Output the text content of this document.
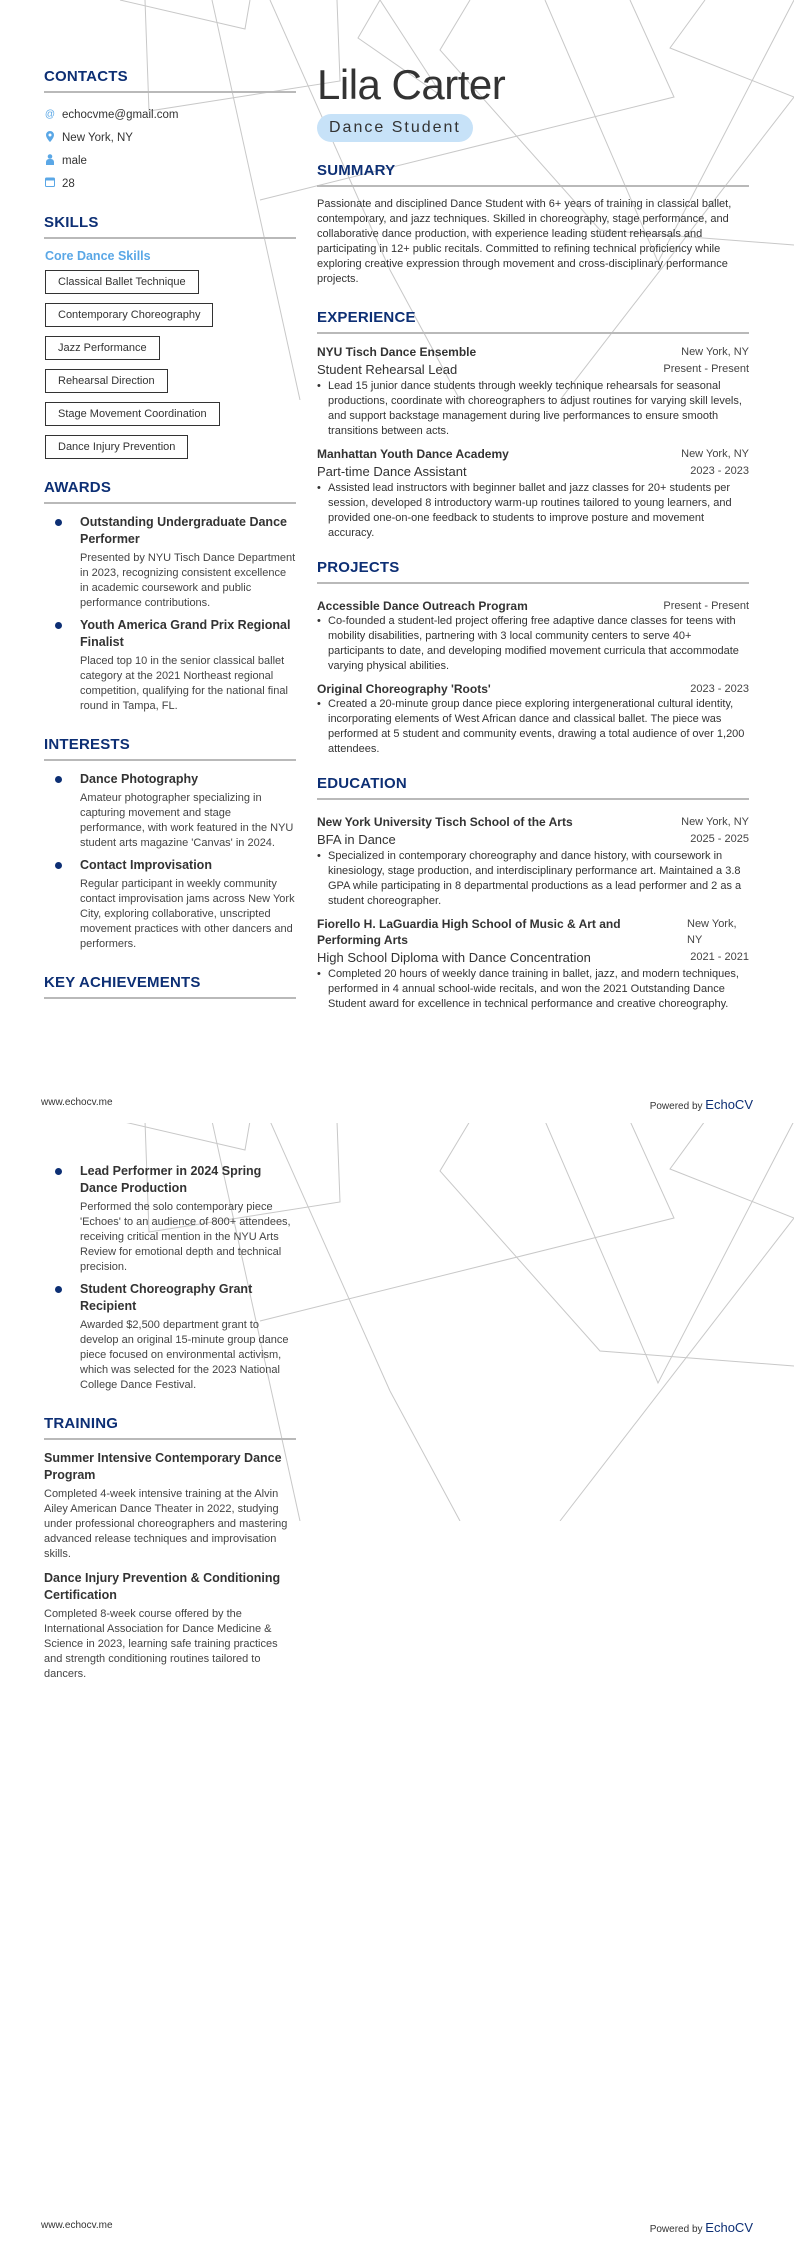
CONTACTS
@ echocvme@gmail.com
New York, NY
male
28
SKILLS
Core Dance Skills
Classical Ballet Technique
Contemporary Choreography
Jazz Performance
Rehearsal Direction
Stage Movement Coordination
Dance Injury Prevention
AWARDS
Outstanding Undergraduate Dance Performer
Presented by NYU Tisch Dance Department in 2023, recognizing consistent excellence in academic coursework and public performance contributions.
Youth America Grand Prix Regional Finalist
Placed top 10 in the senior classical ballet category at the 2021 Northeast regional competition, qualifying for the national final round in Tampa, FL.
INTERESTS
Dance Photography
Amateur photographer specializing in capturing movement and stage performance, with work featured in the NYU student arts magazine 'Canvas' in 2024.
Contact Improvisation
Regular participant in weekly community contact improvisation jams across New York City, exploring collaborative, unscripted movement practices with other dancers and performers.
KEY ACHIEVEMENTS
Lila Carter
Dance Student
SUMMARY
Passionate and disciplined Dance Student with 6+ years of training in classical ballet, contemporary, and jazz techniques. Skilled in choreography, stage performance, and collaborative dance production, with experience leading student rehearsals and participating in 12+ public recitals. Committed to refining technical proficiency while exploring creative expression through movement and cross-disciplinary performance projects.
EXPERIENCE
NYU Tisch Dance Ensemble	New York, NY
Student Rehearsal Lead	Present - Present
• Lead 15 junior dance students through weekly technique rehearsals for seasonal productions, coordinate with choreographers to adjust routines for varying skill levels, and support backstage management during live performances to ensure smooth transitions between acts.
Manhattan Youth Dance Academy	New York, NY
Part-time Dance Assistant	2023 - 2023
• Assisted lead instructors with beginner ballet and jazz classes for 20+ students per session, developed 8 introductory warm-up routines tailored to young learners, and provided one-on-one feedback to students to improve posture and movement accuracy.
PROJECTS
Accessible Dance Outreach Program	Present - Present
• Co-founded a student-led project offering free adaptive dance classes for teens with mobility disabilities, partnering with 3 local community centers to serve 40+ participants to date, and developing modified movement curricula that accommodate varying physical abilities.
Original Choreography 'Roots'	2023 - 2023
• Created a 20-minute group dance piece exploring intergenerational cultural identity, incorporating elements of West African dance and classical ballet. The piece was performed at 5 student and community events, drawing a total audience of over 1,200 attendees.
EDUCATION
New York University Tisch School of the Arts	New York, NY
BFA in Dance	2025 - 2025
• Specialized in contemporary choreography and dance history, with coursework in kinesiology, stage production, and interdisciplinary performance art. Maintained a 3.8 GPA while participating in 8 departmental productions as a lead performer and 2 as a student choreographer.
Fiorello H. LaGuardia High School of Music & Art and Performing Arts
New York, NY
High School Diploma with Dance Concentration	2021 - 2021
• Completed 20 hours of weekly dance training in ballet, jazz, and modern techniques, performed in 4 annual school-wide recitals, and won the 2021 Outstanding Dance Student award for excellence in technical performance and creative choreography.
www.echocv.me	Powered by EchoCV
Lead Performer in 2024 Spring Dance Production
Performed the solo contemporary piece 'Echoes' to an audience of 800+ attendees, receiving critical mention in the NYU Arts Review for emotional depth and technical precision.
Student Choreography Grant Recipient
Awarded $2,500 department grant to develop an original 15-minute group dance piece focused on environmental activism, which was selected for the 2023 National College Dance Festival.
TRAINING
Summer Intensive Contemporary Dance Program
Completed 4-week intensive training at the Alvin Ailey American Dance Theater in 2022, studying under professional choreographers and mastering advanced release techniques and improvisation skills.
Dance Injury Prevention & Conditioning Certification
Completed 8-week course offered by the International Association for Dance Medicine & Science in 2023, learning safe training practices and strength conditioning routines tailored to dancers.
www.echocv.me	Powered by EchoCV
